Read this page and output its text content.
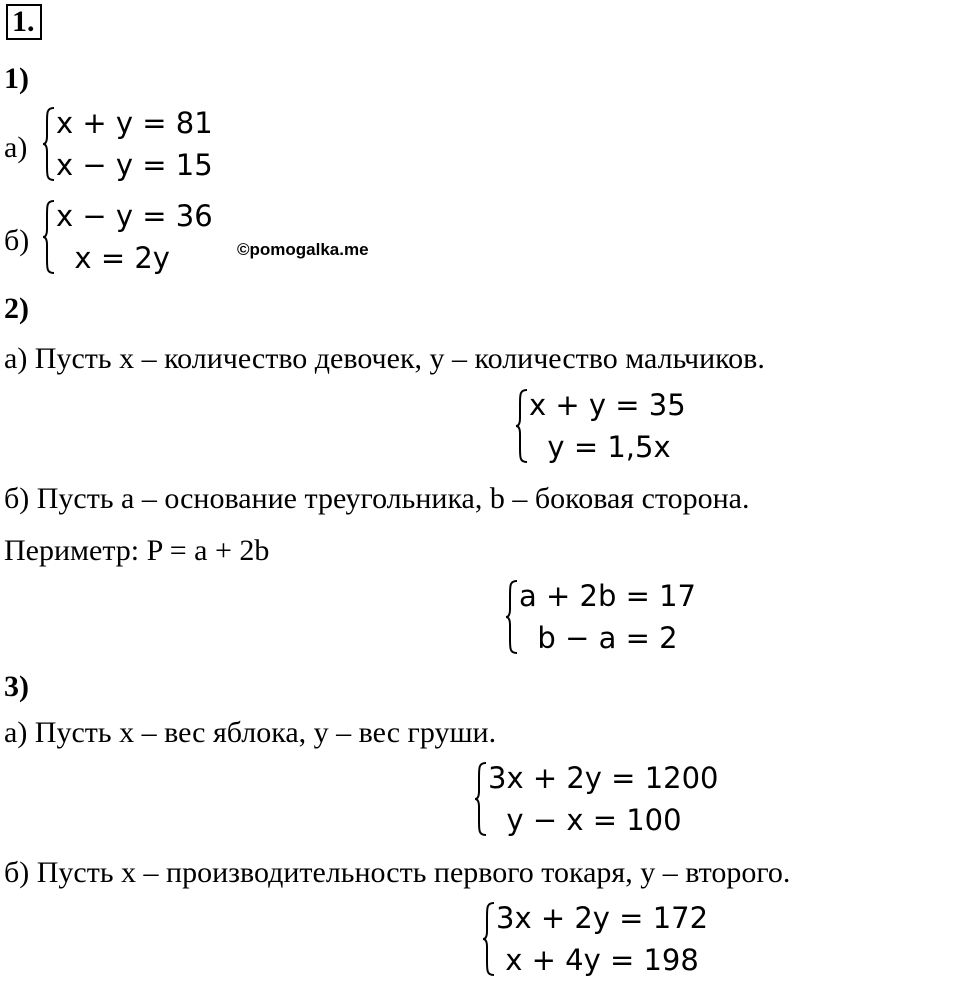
1.
1)
а)
x + y = 81
x − y = 15
б)
x − y = 36
x = 2y	©pomogalka.me
2)
а) Пусть x – количество девочек, y – количество мальчиков.
x + y = 35
y = 1,5x
б) Пусть a – основание треугольника, b – боковая сторона.
Периметр: P = a + 2b
a + 2b = 17
b − a = 2
3)
а) Пусть x – вес яблока, y – вес груши.
3x + 2y = 1200
y − x = 100
б) Пусть x – производительность первого токаря, y – второго.
3x + 2y = 172
x + 4y = 198
